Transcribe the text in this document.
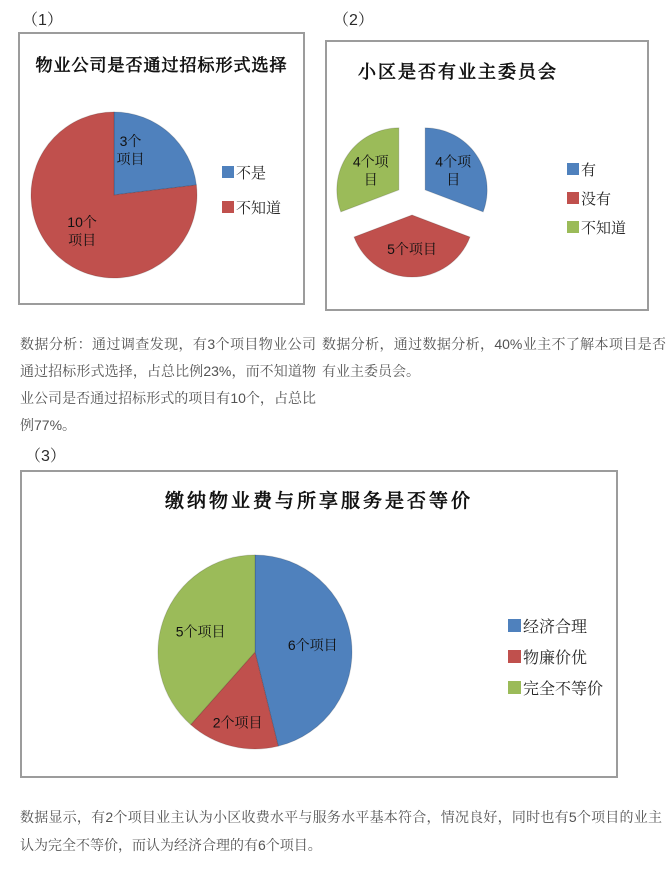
（1）	（2）
物业公司是否通过招标形式选择
3个
项目
10个
项目
不是
不知道
小区是否有业主委员会
4个项
目
5个项目
4个项
目
有
没有
不知道

数据分析：通过调查发现，有3个项目物业公司通过招标形式选择，占总比例23%，而不知道物业公司是否通过招标形式的项目有10个，占总比例77%。

数据分析，通过数据分析，40%业主不了解本项目是否有业主委员会。

（3）
缴纳物业费与所享服务是否等价
6个项目
2个项目
5个项目	经济合理
物廉价优
完全不等价

数据显示，有2个项目业主认为小区收费水平与服务水平基本符合，情况良好，同时也有5个项目的业主认为完全不等价，而认为经济合理的有6个项目。
